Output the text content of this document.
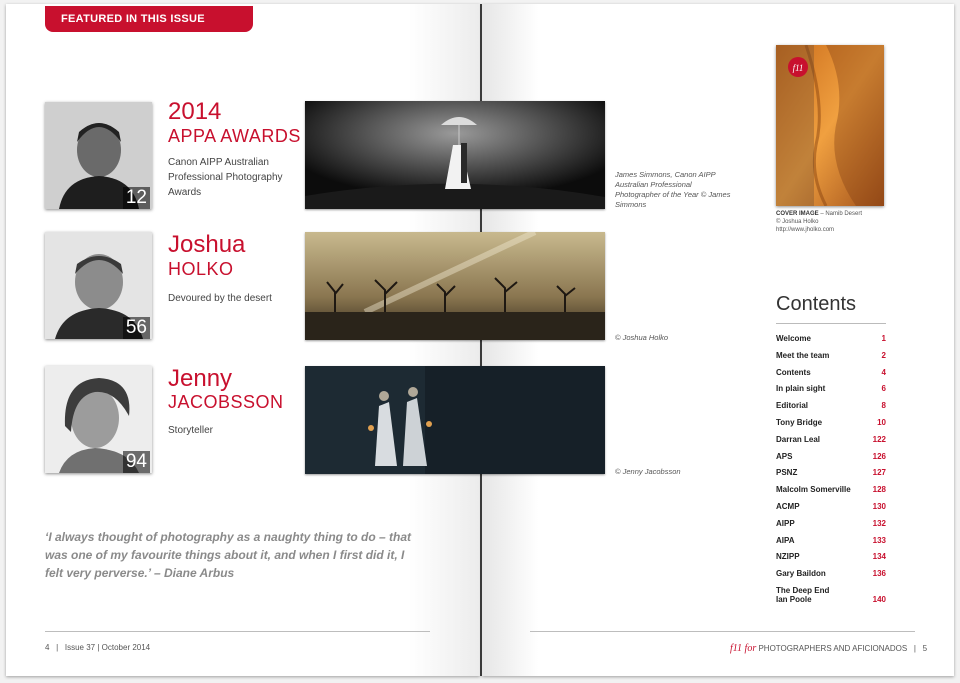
FEATURED IN THIS ISSUE
12
2014
APPA AWARDS
Canon AIPP Australian Professional Photography Awards
56
Joshua
HOLKO
Devoured by the desert
94
Jenny
JACOBSSON
Storyteller
James Simmons, Canon AIPP Australian Professional Photographer of the Year © James Simmons
© Joshua Holko
© Jenny Jacobsson
‘I always thought of photography as a naughty thing to do – that was one of my favourite things about it, and when I first did it, I felt very perverse.’ – Diane Arbus
4   |   Issue 37 | October 2014	f11 for PHOTOGRAPHERS AND AFICIONADOS   |   5
f11
COVER IMAGE – Namib Desert
© Joshua Holko
http://www.jholko.com
Contents
Welcome	1
Meet the team	2
Contents	4
In plain sight	6
Editorial	8
Tony Bridge	10
Darran Leal	122
APS	126
PSNZ	127
Malcolm Somerville	128
ACMP	130
AIPP	132
AIPA	133
NZIPP	134
Gary Baildon	136
The Deep End
Ian Poole	140
